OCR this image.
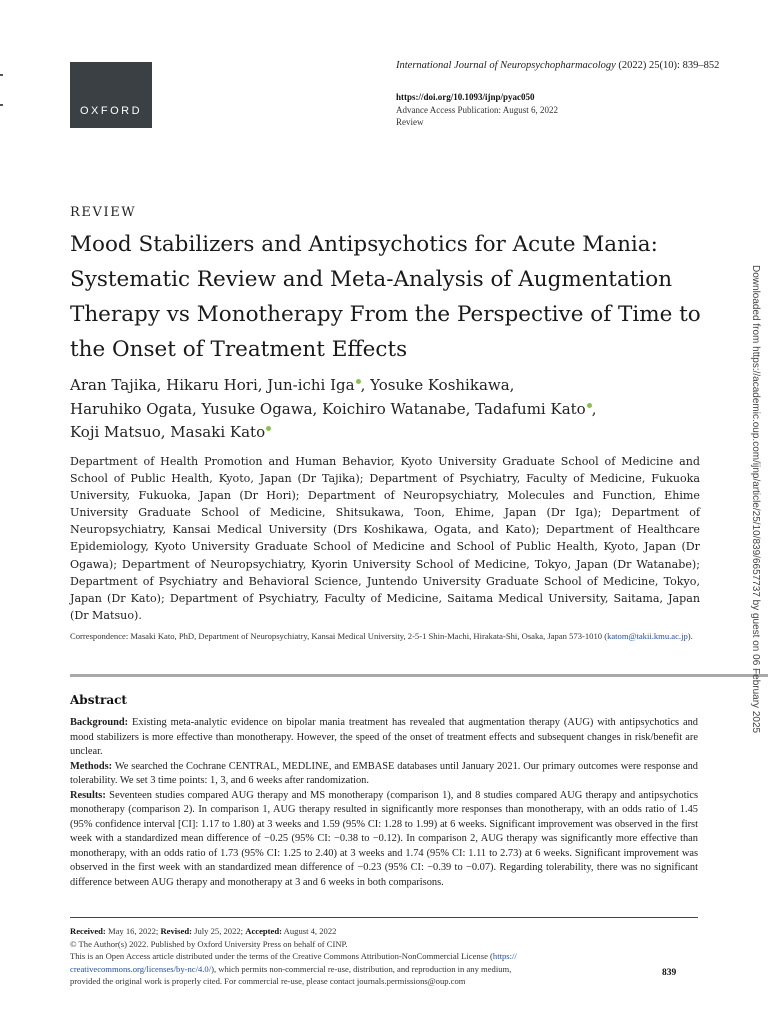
OXFORD
International Journal of Neuropsychopharmacology (2022) 25(10): 839–852
https://doi.org/10.1093/ijnp/pyac050
Advance Access Publication: August 6, 2022
Review
REVIEW
Mood Stabilizers and Antipsychotics for Acute Mania: Systematic Review and Meta-Analysis of Augmentation Therapy vs Monotherapy From the Perspective of Time to the Onset of Treatment Effects
Aran Tajika, Hikaru Hori, Jun-ichi Iga , Yosuke Koshikawa,
Haruhiko Ogata, Yusuke Ogawa, Koichiro Watanabe, Tadafumi Kato ,
Koji Matsuo, Masaki Kato
Department of Health Promotion and Human Behavior, Kyoto University Graduate School of Medicine and School of Public Health, Kyoto, Japan (Dr Tajika); Department of Psychiatry, Faculty of Medicine, Fukuoka University, Fukuoka, Japan (Dr Hori); Department of Neuropsychiatry, Molecules and Function, Ehime University Graduate School of Medicine, Shitsukawa, Toon, Ehime, Japan (Dr Iga); Department of Neuropsychiatry, Kansai Medical University (Drs Koshikawa, Ogata, and Kato); Department of Healthcare Epidemiology, Kyoto University Graduate School of Medicine and School of Public Health, Kyoto, Japan (Dr Ogawa); Department of Neuropsychiatry, Kyorin University School of Medicine, Tokyo, Japan (Dr Watanabe); Department of Psychiatry and Behavioral Science, Juntendo University Graduate School of Medicine, Tokyo, Japan (Dr Kato); Department of Psychiatry, Faculty of Medicine, Saitama Medical University, Saitama, Japan (Dr Matsuo).
Correspondence: Masaki Kato, PhD, Department of Neuropsychiatry, Kansai Medical University, 2-5-1 Shin-Machi, Hirakata-Shi, Osaka, Japan 573-1010 (katom@takii.kmu.ac.jp).
Abstract

Background: Existing meta-analytic evidence on bipolar mania treatment has revealed that augmentation therapy (AUG) with antipsychotics and mood stabilizers is more effective than monotherapy. However, the speed of the onset of treatment effects and subsequent changes in risk/benefit are unclear.

Methods: We searched the Cochrane CENTRAL, MEDLINE, and EMBASE databases until January 2021. Our primary outcomes were response and tolerability. We set 3 time points: 1, 3, and 6 weeks after randomization.

Results: Seventeen studies compared AUG therapy and MS monotherapy (comparison 1), and 8 studies compared AUG therapy and antipsychotics monotherapy (comparison 2). In comparison 1, AUG therapy resulted in significantly more responses than monotherapy, with an odds ratio of 1.45 (95% confidence interval [CI]: 1.17 to 1.80) at 3 weeks and 1.59 (95% CI: 1.28 to 1.99) at 6 weeks. Significant improvement was observed in the first week with a standardized mean difference of −0.25 (95% CI: −0.38 to −0.12). In comparison 2, AUG therapy was significantly more effective than monotherapy, with an odds ratio of 1.73 (95% CI: 1.25 to 2.40) at 3 weeks and 1.74 (95% CI: 1.11 to 2.73) at 6 weeks. Significant improvement was observed in the first week with an standardized mean difference of −0.23 (95% CI: −0.39 to −0.07). Regarding tolerability, there was no significant difference between AUG therapy and monotherapy at 3 and 6 weeks in both comparisons.

Received: May 16, 2022; Revised: July 25, 2022; Accepted: August 4, 2022

© The Author(s) 2022. Published by Oxford University Press on behalf of CINP.

This is an Open Access article distributed under the terms of the Creative Commons Attribution-NonCommercial License (https://
creativecommons.org/licenses/by-nc/4.0/), which permits non-commercial re-use, distribution, and reproduction in any medium,
provided the original work is properly cited. For commercial re-use, please contact journals.permissions@oup.com

839
Downloaded from https://academic.oup.com/ijnp/article/25/10/839/6657737 by guest on 06 February 2025
